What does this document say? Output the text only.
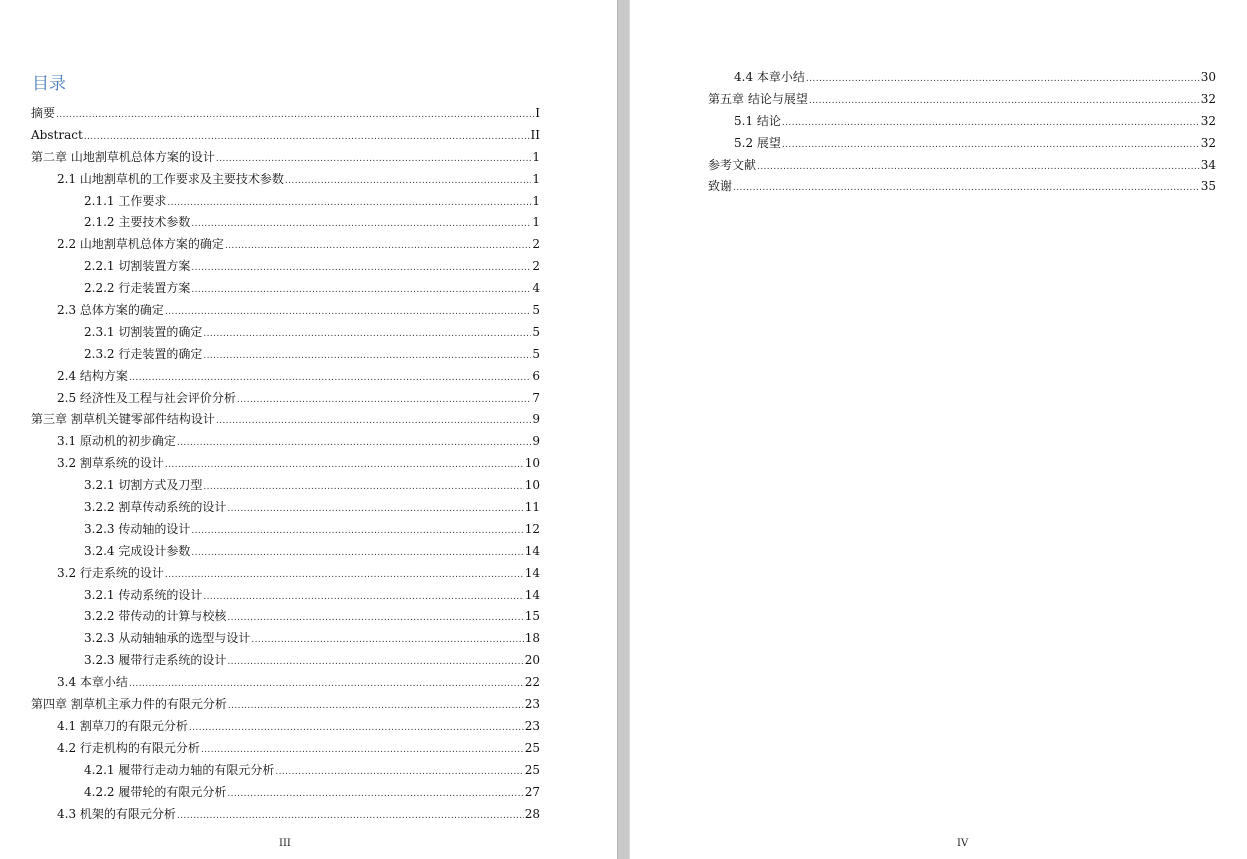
目录
摘要 .....	I
Abstract .....	II
第二章 山地割草机总体方案的设计 .....	1
2.1 山地割草机的工作要求及主要技术参数 .....	1
2.1.1 工作要求 .....	1
2.1.2 主要技术参数 .....	1
2.2 山地割草机总体方案的确定 .....	2
2.2.1 切割装置方案 .....	2
2.2.2 行走装置方案 .....	4
2.3 总体方案的确定 .....	5
2.3.1 切割装置的确定 .....	5
2.3.2 行走装置的确定 .....	5
2.4 结构方案 .....	6
2.5 经济性及工程与社会评价分析 .....	7
第三章 割草机关键零部件结构设计 .....	9
3.1 原动机的初步确定 .....	9
3.2 割草系统的设计 .....	10
3.2.1 切割方式及刀型 .....	10
3.2.2 割草传动系统的设计 .....	11
3.2.3 传动轴的设计 .....	12
3.2.4 完成设计参数 .....	14
3.2 行走系统的设计 .....	14
3.2.1 传动系统的设计 .....	14
3.2.2 带传动的计算与校核 .....	15
3.2.3 从动轴轴承的选型与设计 .....	18
3.2.3 履带行走系统的设计 .....	20
3.4 本章小结 .....	22
第四章 割草机主承力件的有限元分析 .....	23
4.1 割草刀的有限元分析 .....	23
4.2 行走机构的有限元分析 .....	25
4.2.1 履带行走动力轴的有限元分析 .....	25
4.2.2 履带轮的有限元分析 .....	27
4.3 机架的有限元分析 .....	28
III
4.4 本章小结 .....	30
第五章 结论与展望 .....	32
5.1 结论 .....	32
5.2 展望 .....	32
参考文献 .....	34
致谢 .....	35
IV
